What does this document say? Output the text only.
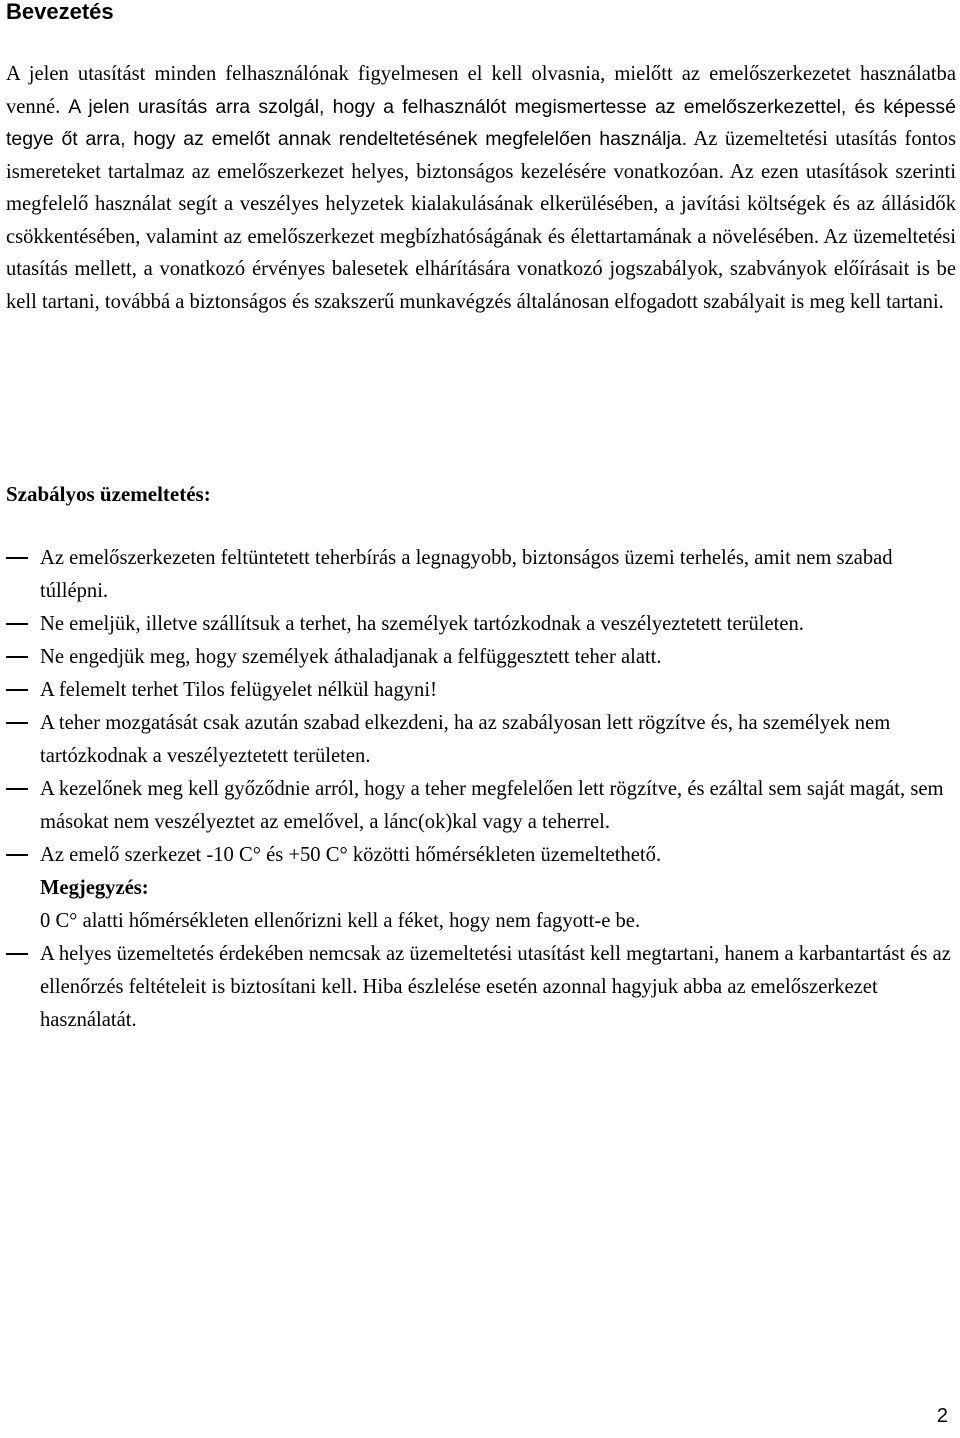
Bevezetés

A jelen utasítást minden felhasználónak figyelmesen el kell olvasnia, mielőtt az emelőszerkezetet használatba venné. A jelen urasítás arra szolgál, hogy a felhasználót megismertesse az emelőszerkezettel, és képessé tegye őt arra, hogy az emelőt annak rendeltetésének megfelelően használja. Az üzemeltetési utasítás fontos ismereteket tartalmaz az emelőszerkezet helyes, biztonságos kezelésére vonatkozóan. Az ezen utasítások szerinti megfelelő használat segít a veszélyes helyzetek kialakulásának elkerülésében, a javítási költségek és az állásidők csökkentésében, valamint az emelőszerkezet megbízhatóságának és élettartamának a növelésében. Az üzemeltetési utasítás mellett, a vonatkozó érvényes balesetek elhárítására vonatkozó jogszabályok, szabványok előírásait is be kell tartani, továbbá a biztonságos és szakszerű munkavégzés általánosan elfogadott szabályait is meg kell tartani.

Szabályos üzemeltetés:
Az emelőszerkezeten feltüntetett teherbírás a legnagyobb, biztonságos üzemi terhelés, amit nem szabad túllépni.
Ne emeljük, illetve szállítsuk a terhet, ha személyek tartózkodnak a veszélyeztetett területen.
Ne engedjük meg, hogy személyek áthaladjanak a felfüggesztett teher alatt.
A felemelt terhet Tilos felügyelet nélkül hagyni!
A teher mozgatását csak azután szabad elkezdeni, ha az szabályosan lett rögzítve és, ha személyek nem tartózkodnak a veszélyeztetett területen.
A kezelőnek meg kell győződnie arról, hogy a teher megfelelően lett rögzítve, és ezáltal sem saját magát, sem másokat nem veszélyeztet az emelővel, a lánc(ok)kal vagy a teherrel.
Az emelő szerkezet -10 C° és +50 C° közötti hőmérsékleten üzemeltethető.
Megjegyzés:
0 C° alatti hőmérsékleten ellenőrizni kell a féket, hogy nem fagyott-e be.
A helyes üzemeltetés érdekében nemcsak az üzemeltetési utasítást kell megtartani, hanem a karbantartást és az ellenőrzés feltételeit is biztosítani kell. Hiba észlelése esetén azonnal hagyjuk abba az emelőszerkezet használatát.
2
